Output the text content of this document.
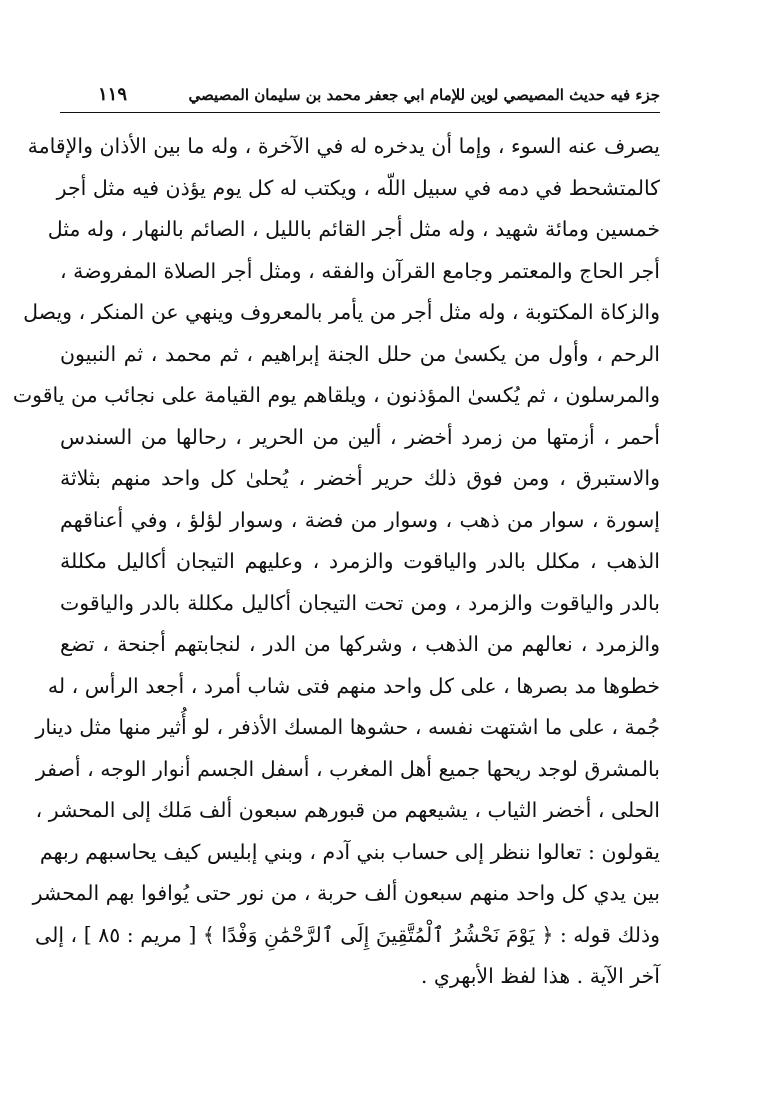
جزء فيه حديث المصيصي لوين للإمام ابي جعفر محمد بن سليمان المصيصي
١١٩
يصرف عنه السوء ، وإما أن يدخره له في الآخرة ، وله ما بين الأذان والإقامة
كالمتشحط في دمه في سبيل اللّه ، ويكتب له كل يوم يؤذن فيه مثل أجر
خمسين ومائة شهيد ، وله مثل أجر القائم بالليل ، الصائم بالنهار ، وله مثل
أجر الحاج والمعتمر وجامع القرآن والفقه ، ومثل أجر الصلاة المفروضة ،
والزكاة المكتوبة ، وله مثل أجر من يأمر بالمعروف وينهي عن المنكر ، ويصل
الرحم ، وأول من يكسىٰ من حلل الجنة إبراهيم ، ثم محمد ، ثم النبيون
والمرسلون ، ثم يُكسىٰ المؤذنون ، ويلقاهم يوم القيامة على نجائب من ياقوت
أحمر ، أزمتها من زمرد أخضر ، ألين من الحرير ، رحالها من السندس
والاستبرق ، ومن فوق ذلك حرير أخضر ، يُحلىٰ كل واحد منهم بثلاثة
إسورة ، سوار من ذهب ، وسوار من فضة ، وسوار لؤلؤ ، وفي أعناقهم
الذهب ، مكلل بالدر والياقوت والزمرد ، وعليهم التيجان أكاليل مكللة
بالدر والياقوت والزمرد ، ومن تحت التيجان أكاليل مكللة بالدر والياقوت
والزمرد ، نعالهم من الذهب ، وشركها من الدر ، لنجابتهم أجنحة ، تضع
خطوها مد بصرها ، على كل واحد منهم فتى شاب أمرد ، أجعد الرأس ، له
جُمة ، على ما اشتهت نفسه ، حشوها المسك الأذفر ، لو أُثير منها مثل دينار
بالمشرق لوجد ريحها جميع أهل المغرب ، أسفل الجسم أنوار الوجه ، أصفر
الحلى ، أخضر الثياب ، يشيعهم من قبورهم سبعون ألف مَلك إلى المحشر ،
يقولون : تعالوا ننظر إلى حساب بني آدم ، وبني إبليس كيف يحاسبهم ربهم
بين يدي كل واحد منهم سبعون ألف حربة ، من نور حتى يُوافوا بهم المحشر
وذلك قوله : ﴿ يَوْمَ نَحْشُرُ ٱلْمُتَّقِينَ إِلَى ٱلرَّحْمَٰنِ وَفْدًا ﴾ [ مريم : ٨٥ ] ، إلى
آخر الآية . هذا لفظ الأبهري .
